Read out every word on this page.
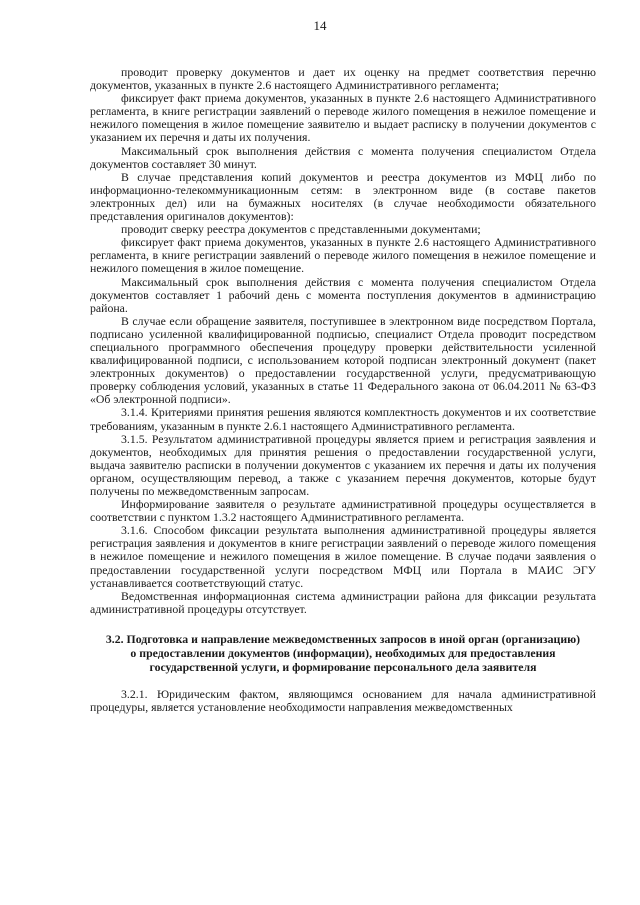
14

проводит проверку документов и дает их оценку на предмет соответствия перечню документов, указанных в пункте 2.6 настоящего Административного регламента;

фиксирует факт приема документов, указанных в пункте 2.6 настоящего Административного регламента, в книге регистрации заявлений о переводе жилого помещения в нежилое помещение и нежилого помещения в жилое помещение заявителю и выдает расписку в получении документов с указанием их перечня и даты их получения.

Максимальный срок выполнения действия с момента получения специалистом Отдела документов составляет 30 минут.

В случае представления копий документов и реестра документов из МФЦ либо по информационно-телекоммуникационным сетям: в электронном виде (в составе пакетов электронных дел) или на бумажных носителях (в случае необходимости обязательного представления оригиналов документов):

проводит сверку реестра документов с представленными документами;

фиксирует факт приема документов, указанных в пункте 2.6 настоящего Административного регламента, в книге регистрации заявлений о переводе жилого помещения в нежилое помещение и нежилого помещения в жилое помещение.

Максимальный срок выполнения действия с момента получения специалистом Отдела документов составляет 1 рабочий день с момента поступления документов в администрацию района.

В случае если обращение заявителя, поступившее в электронном виде посредством Портала, подписано усиленной квалифицированной подписью, специалист Отдела проводит посредством специального программного обеспечения процедуру проверки действительности усиленной квалифицированной подписи, с использованием которой подписан электронный документ (пакет электронных документов) о предоставлении государственной услуги, предусматривающую проверку соблюдения условий, указанных в статье 11 Федерального закона от 06.04.2011 № 63-ФЗ «Об электронной подписи».

3.1.4. Критериями принятия решения являются комплектность документов и их соответствие требованиям, указанным в пункте 2.6.1 настоящего Административного регламента.

3.1.5. Результатом административной процедуры является прием и регистрация заявления и документов, необходимых для принятия решения о предоставлении государственной услуги, выдача заявителю расписки в получении документов с указанием их перечня и даты их получения органом, осуществляющим перевод, а также с указанием перечня документов, которые будут получены по межведомственным запросам.

Информирование заявителя о результате административной процедуры осуществляется в соответствии с пунктом 1.3.2 настоящего Административного регламента.

3.1.6. Способом фиксации результата выполнения административной процедуры является регистрация заявления и документов в книге регистрации заявлений о переводе жилого помещения в нежилое помещение и нежилого помещения в жилое помещение. В случае подачи заявления о предоставлении государственной услуги посредством МФЦ или Портала в МАИС ЭГУ устанавливается соответствующий статус.

Ведомственная информационная система администрации района для фиксации результата административной процедуры отсутствует.

3.2. Подготовка и направление межведомственных запросов в иной орган (организацию) о предоставлении документов (информации), необходимых для предоставления государственной услуги, и формирование персонального дела заявителя

3.2.1. Юридическим фактом, являющимся основанием для начала административной процедуры, является установление необходимости направления межведомственных
